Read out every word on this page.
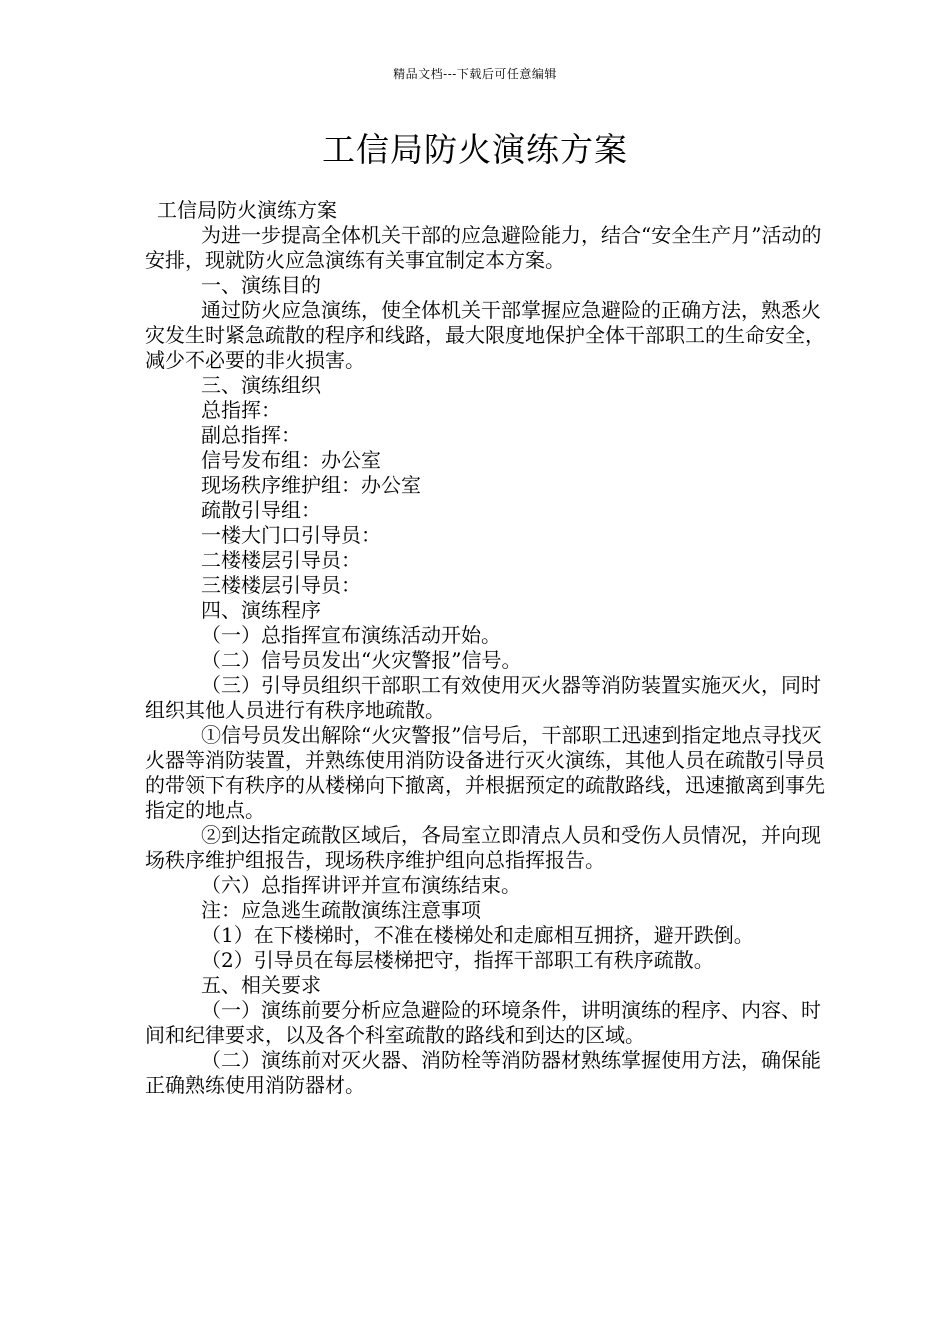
精品文档---下载后可任意编辑
工信局防火演练方案

工信局防火演练方案

为进一步提高全体机关干部的应急避险能力，结合“安全生产月”活动的安排，现就防火应急演练有关事宜制定本方案。

一、演练目的

通过防火应急演练，使全体机关干部掌握应急避险的正确方法，熟悉火灾发生时紧急疏散的程序和线路，最大限度地保护全体干部职工的生命安全，减少不必要的非火损害。

三、演练组织

总指挥：

副总指挥：

信号发布组：办公室

现场秩序维护组：办公室

疏散引导组：

一楼大门口引导员：

二楼楼层引导员：

三楼楼层引导员：

四、演练程序

（一）总指挥宣布演练活动开始。

（二）信号员发出“火灾警报”信号。

（三）引导员组织干部职工有效使用灭火器等消防装置实施灭火，同时组织其他人员进行有秩序地疏散。

①信号员发出解除“火灾警报”信号后，干部职工迅速到指定地点寻找灭火器等消防装置，并熟练使用消防设备进行灭火演练，其他人员在疏散引导员的带领下有秩序的从楼梯向下撤离，并根据预定的疏散路线，迅速撤离到事先指定的地点。

②到达指定疏散区域后，各局室立即清点人员和受伤人员情况，并向现场秩序维护组报告，现场秩序维护组向总指挥报告。

（六）总指挥讲评并宣布演练结束。

注：应急逃生疏散演练注意事项

（1）在下楼梯时，不准在楼梯处和走廊相互拥挤，避开跌倒。

（2）引导员在每层楼梯把守，指挥干部职工有秩序疏散。

五、相关要求

（一）演练前要分析应急避险的环境条件，讲明演练的程序、内容、时间和纪律要求，以及各个科室疏散的路线和到达的区域。

（二）演练前对灭火器、消防栓等消防器材熟练掌握使用方法，确保能正确熟练使用消防器材。
